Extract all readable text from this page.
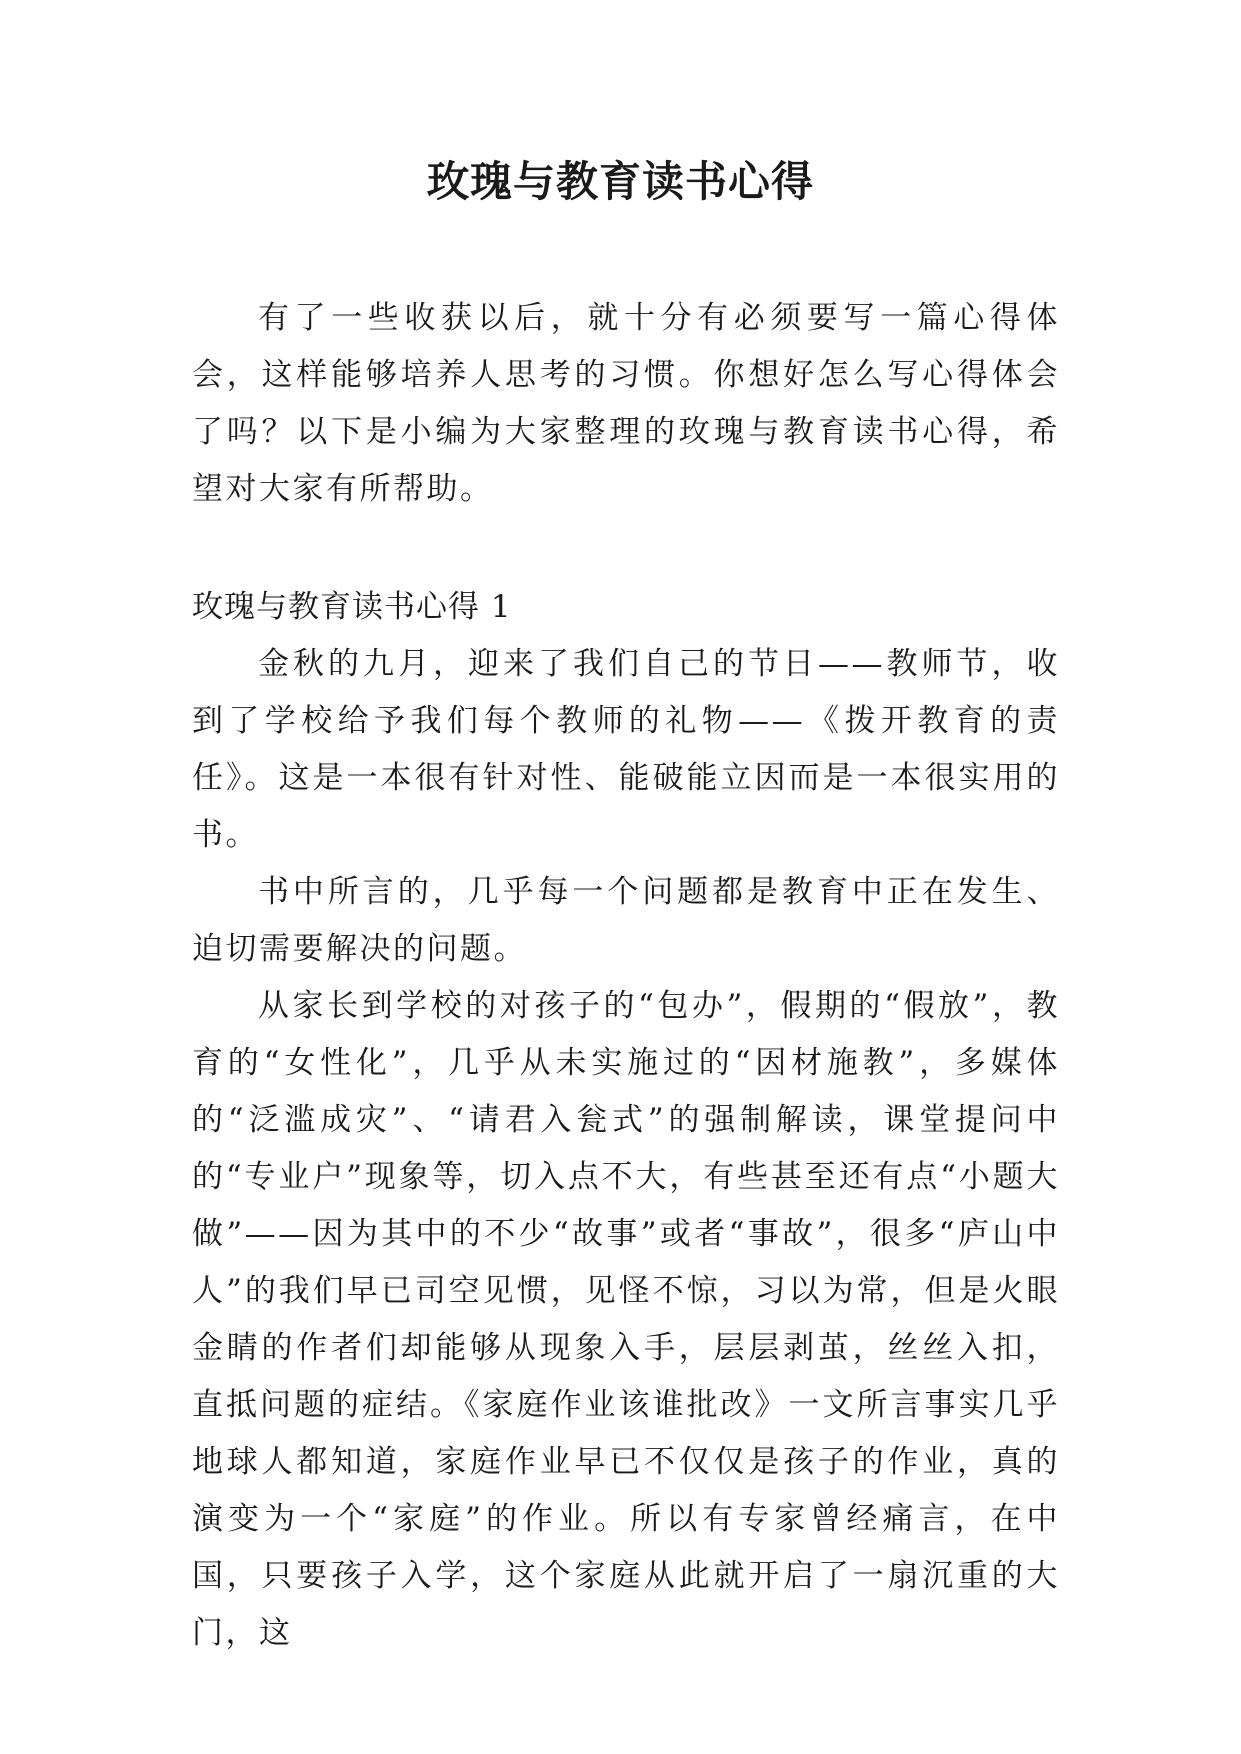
玫瑰与教育读书心得

有了一些收获以后，就十分有必须要写一篇心得体会，这样能够培养人思考的习惯。你想好怎么写心得体会了吗？以下是小编为大家整理的玫瑰与教育读书心得，希望对大家有所帮助。

玫瑰与教育读书心得 1

金秋的九月，迎来了我们自己的节日——教师节，收到了学校给予我们每个教师的礼物——《拨开教育的责任》。这是一本很有针对性、能破能立因而是一本很实用的书。

书中所言的，几乎每一个问题都是教育中正在发生、迫切需要解决的问题。

从家长到学校的对孩子的“包办”，假期的“假放”，教育的“女性化”，几乎从未实施过的“因材施教”，多媒体的“泛滥成灾”、“请君入瓮式”的强制解读，课堂提问中的“专业户”现象等，切入点不大，有些甚至还有点“小题大做”——因为其中的不少“故事”或者“事故”，很多“庐山中人”的我们早已司空见惯，见怪不惊，习以为常，但是火眼金睛的作者们却能够从现象入手，层层剥茧，丝丝入扣，直抵问题的症结。《家庭作业该谁批改》一文所言事实几乎地球人都知道，家庭作业早已不仅仅是孩子的作业，真的演变为一个“家庭”的作业。所以有专家曾经痛言，在中国，只要孩子入学，这个家庭从此就开启了一扇沉重的大门，这
